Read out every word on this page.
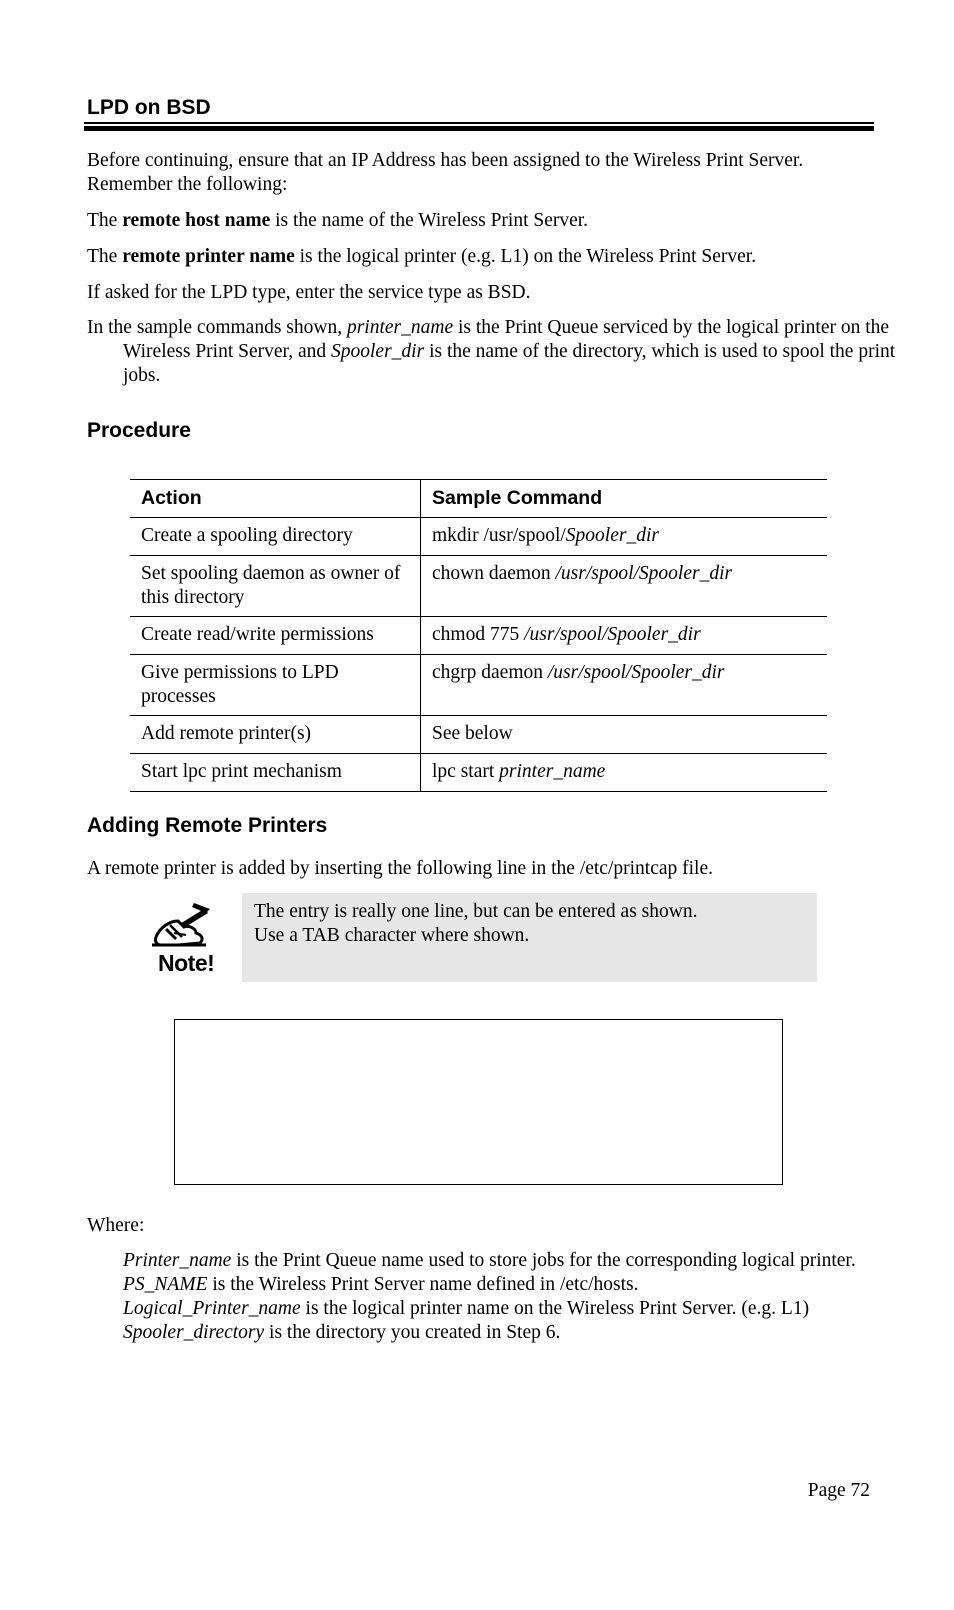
LPD on BSD

Before continuing, ensure that an IP Address has been assigned to the Wireless Print Server.

Remember the following:

The remote host name is the name of the Wireless Print Server.
The remote printer name is the logical printer (e.g. L1) on the Wireless Print Server.
If asked for the LPD type, enter the service type as BSD.
In the sample commands shown, printer_name is the Print Queue serviced by the logical printer on the Wireless Print Server, and Spooler_dir is the name of the directory, which is used to spool the print jobs.
Procedure
Action	Sample Command
Create a spooling directory	mkdir /usr/spool/Spooler_dir
Set spooling daemon as owner of this directory	chown daemon /usr/spool/Spooler_dir
Create read/write permissions	chmod 775 /usr/spool/Spooler_dir
Give permissions to LPD processes	chgrp daemon /usr/spool/Spooler_dir
Add remote printer(s)	See below
Start lpc print mechanism	lpc start printer_name
Adding Remote Printers
A remote printer is added by inserting the following line in the /etc/printcap file.
Note!

The entry is really one line, but can be entered as shown.

Use a TAB character where shown.

Where:

Printer_name is the Print Queue name used to store jobs for the corresponding logical printer.

PS_NAME is the Wireless Print Server name defined in /etc/hosts.

Logical_Printer_name is the logical printer name on the Wireless Print Server. (e.g. L1)

Spooler_directory is the directory you created in Step 6.

Page 72
